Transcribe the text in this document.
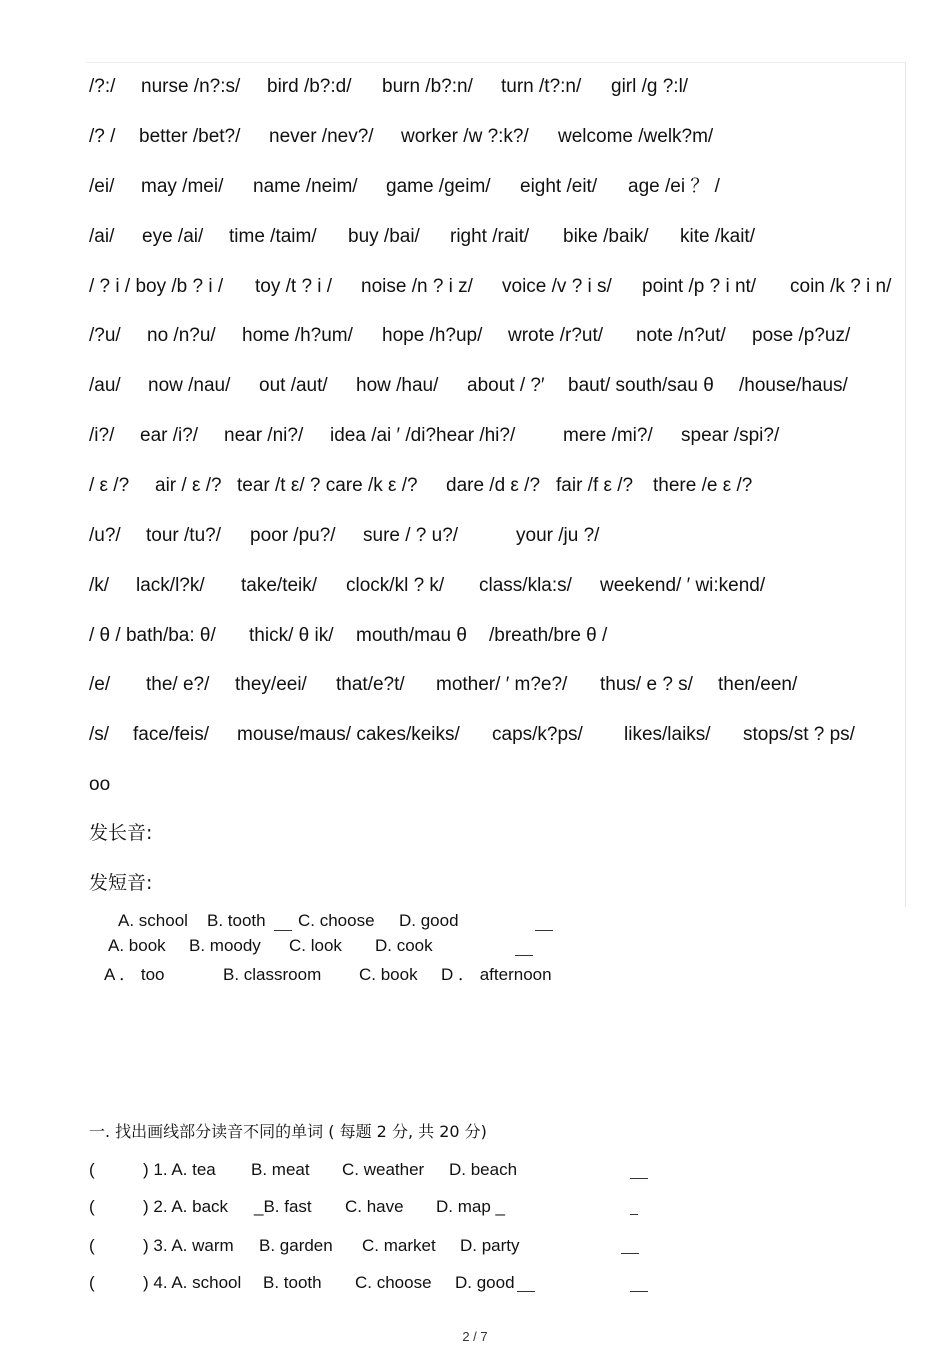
/?:/ nurse /n?:s/ bird /b?:d/ burn /b?:n/ turn /t?:n/ girl /g ?:l/
/? / better /bet?/ never /nev?/ worker /w ?:k?/ welcome /welk?m/
/ei/ may /mei/ name /neim/ game /geim/ eight /eit/ age /ei ？ /
/ai/ eye /ai/ time /taim/ buy /bai/ right /rait/ bike /baik/ kite /kait/
/ ? i / boy /b ? i / toy /t ? i / noise /n ? i z/ voice /v ? i s/ point /p ? i nt/ coin /k ? i n/
/?u/ no /n?u/ home /h?um/ hope /h?up/ wrote /r?ut/ note /n?ut/ pose /p?uz/
/au/ now /nau/ out /aut/ how /hau/ about / ?′ baut/ south/sau θ /house/haus/
/i?/ ear /i?/ near /ni?/ idea /ai ′ /di?hear /hi?/	mere /mi?/ spear /spi?/
/ ε /? air / ε /? tear /t ε/ ? care /k ε /? dare /d ε /? fair /f ε /? there /e ε /?
/u?/ tour /tu?/ poor /pu?/ sure / ? u?/	your /ju ?/
/k/ lack/l?k/ take/teik/ clock/kl ? k/ class/kla:s/ weekend/ ′ wi:kend/
/ θ / bath/ba: θ/ thick/ θ ik/ mouth/mau θ /breath/bre θ /
/e/ the/ e?/ they/eei/ that/e?t/ mother/ ′ m?e?/ thus/ e ? s/ then/een/
/s/ face/feis/ mouse/maus/ cakes/keiks/ caps/k?ps/ likes/laiks/ stops/st ? ps/
oo
发长音:
发短音:
A. school B. tooth C. choose D. good
A. book B. moody C. look D. cook
A ． too	B. classroom C. book D ． afternoon
一. 找出画线部分读音不同的单词 ( 每题 2 分, 共 20 分)
(	) 1. A. tea B. meat C. weather D. beach
(	) 2. A. back _B. fast C. have D. map _
(	) 3. A. warm B. garden C. market D. party
(	) 4. A. school B. tooth C. choose D. good
2 / 7
